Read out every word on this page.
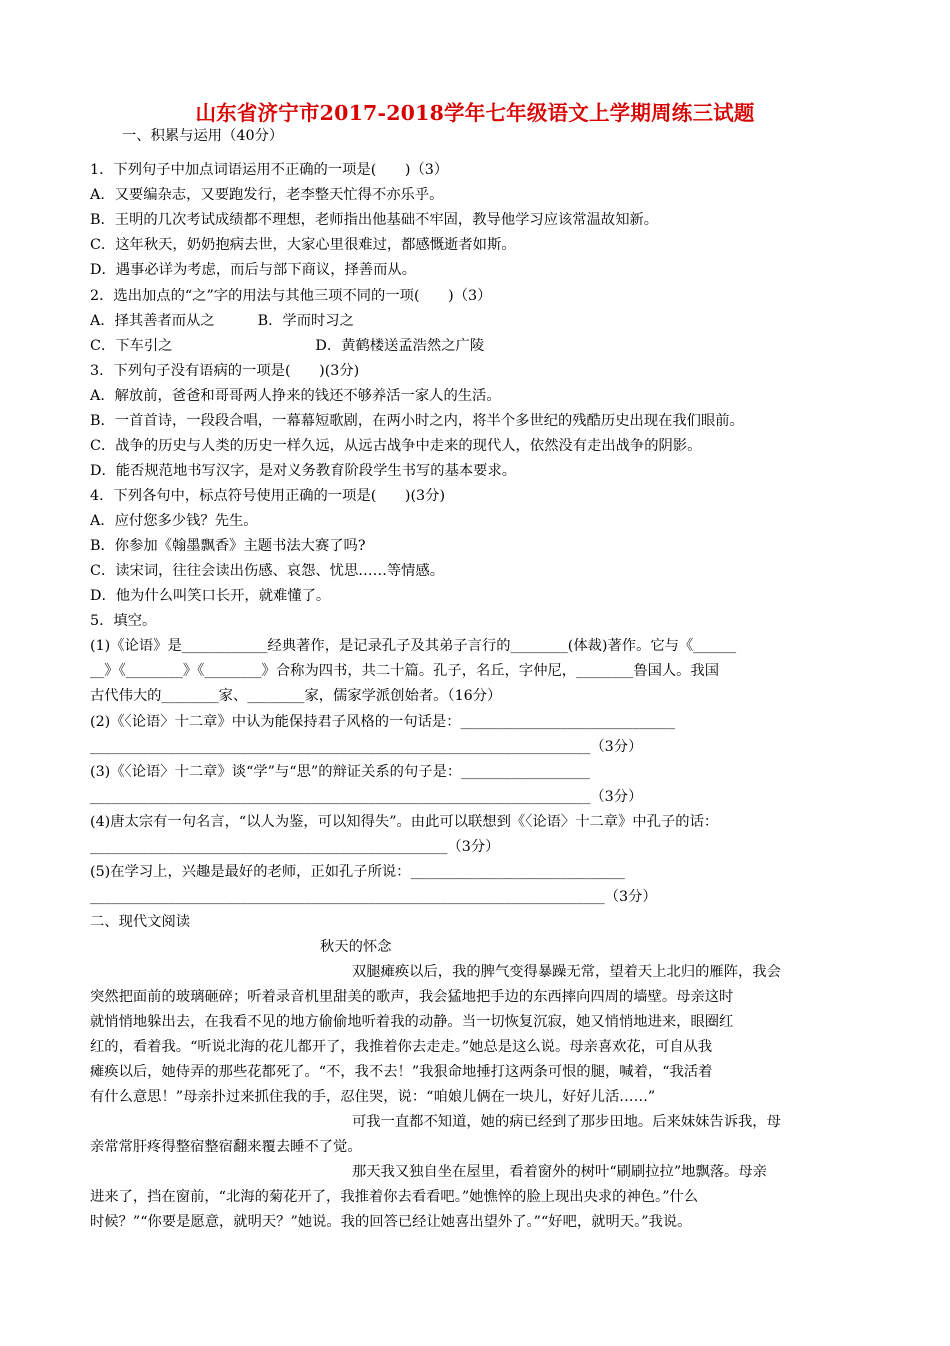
山东省济宁市2017-2018学年七年级语文上学期周练三试题
一、积累与运用（40分）
1．下列句子中加点词语运用不正确的一项是(　　)（3）
A．又要编杂志，又要跑发行，老李整天忙得不亦乐乎。
B．王明的几次考试成绩都不理想，老师指出他基础不牢固，教导他学习应该常温故知新。
C．这年秋天，奶奶抱病去世，大家心里很难过，都感慨逝者如斯。
D．遇事必详为考虑，而后与部下商议，择善而从。
2．选出加点的“之”字的用法与其他三项不同的一项(　　)（3）
A．择其善者而从之　　　B．学而时习之
C．下车引之　　　　　　　　　　D．黄鹤楼送孟浩然之广陵
3．下列句子没有语病的一项是(　　)(3分)
A．解放前，爸爸和哥哥两人挣来的钱还不够养活一家人的生活。
B．一首首诗，一段段合唱，一幕幕短歌剧，在两小时之内，将半个多世纪的残酷历史出现在我们眼前。
C．战争的历史与人类的历史一样久远，从远古战争中走来的现代人，依然没有走出战争的阴影。
D．能否规范地书写汉字，是对义务教育阶段学生书写的基本要求。
4．下列各句中，标点符号使用正确的一项是(　　)(3分)
A．应付您多少钱？先生。
B．你参加《翰墨飘香》主题书法大赛了吗?
C．读宋词，往往会读出伤感、哀怨、忧思……等情感。
D．他为什么叫笑口长开，就难懂了。
5．填空。
(1)《论语》是____________经典著作，是记录孔子及其弟子言行的________(体裁)著作。它与《______
__》《________》《________》合称为四书，共二十篇。孔子，名丘，字仲尼，________鲁国人。我国
古代伟大的________家、________家，儒家学派创始者。（16分）
(2)《〈论语〉十二章》中认为能保持君子风格的一句话是：______________________________
______________________________________________________________________（3分）
(3)《〈论语〉十二章》谈“学”与“思”的辩证关系的句子是：__________________
______________________________________________________________________（3分）
(4)唐太宗有一句名言，“以人为鉴，可以知得失”。由此可以联想到《〈论语〉十二章》中孔子的话：
__________________________________________________（3分）
(5)在学习上，兴趣是最好的老师，正如孔子所说：______________________________
________________________________________________________________________（3分）
二、现代文阅读
秋天的怀念
双腿瘫痪以后，我的脾气变得暴躁无常，望着天上北归的雁阵，我会
突然把面前的玻璃砸碎；听着录音机里甜美的歌声，我会猛地把手边的东西摔向四周的墙壁。母亲这时
就悄悄地躲出去，在我看不见的地方偷偷地听着我的动静。当一切恢复沉寂，她又悄悄地进来，眼圈红
红的，看着我。“听说北海的花儿都开了，我推着你去走走。”她总是这么说。母亲喜欢花，可自从我
瘫痪以后，她侍弄的那些花都死了。“不，我不去！”我狠命地捶打这两条可恨的腿，喊着，“我活着
有什么意思！”母亲扑过来抓住我的手，忍住哭，说：“咱娘儿俩在一块儿，好好儿活……”
可我一直都不知道，她的病已经到了那步田地。后来妹妹告诉我，母
亲常常肝疼得整宿整宿翻来覆去睡不了觉。
那天我又独自坐在屋里，看着窗外的树叶“刷刷拉拉”地飘落。母亲
进来了，挡在窗前，“北海的菊花开了，我推着你去看看吧。”她憔悴的脸上现出央求的神色。”什么
时候？”“你要是愿意，就明天？”她说。我的回答已经让她喜出望外了。”“好吧，就明天。”我说。
